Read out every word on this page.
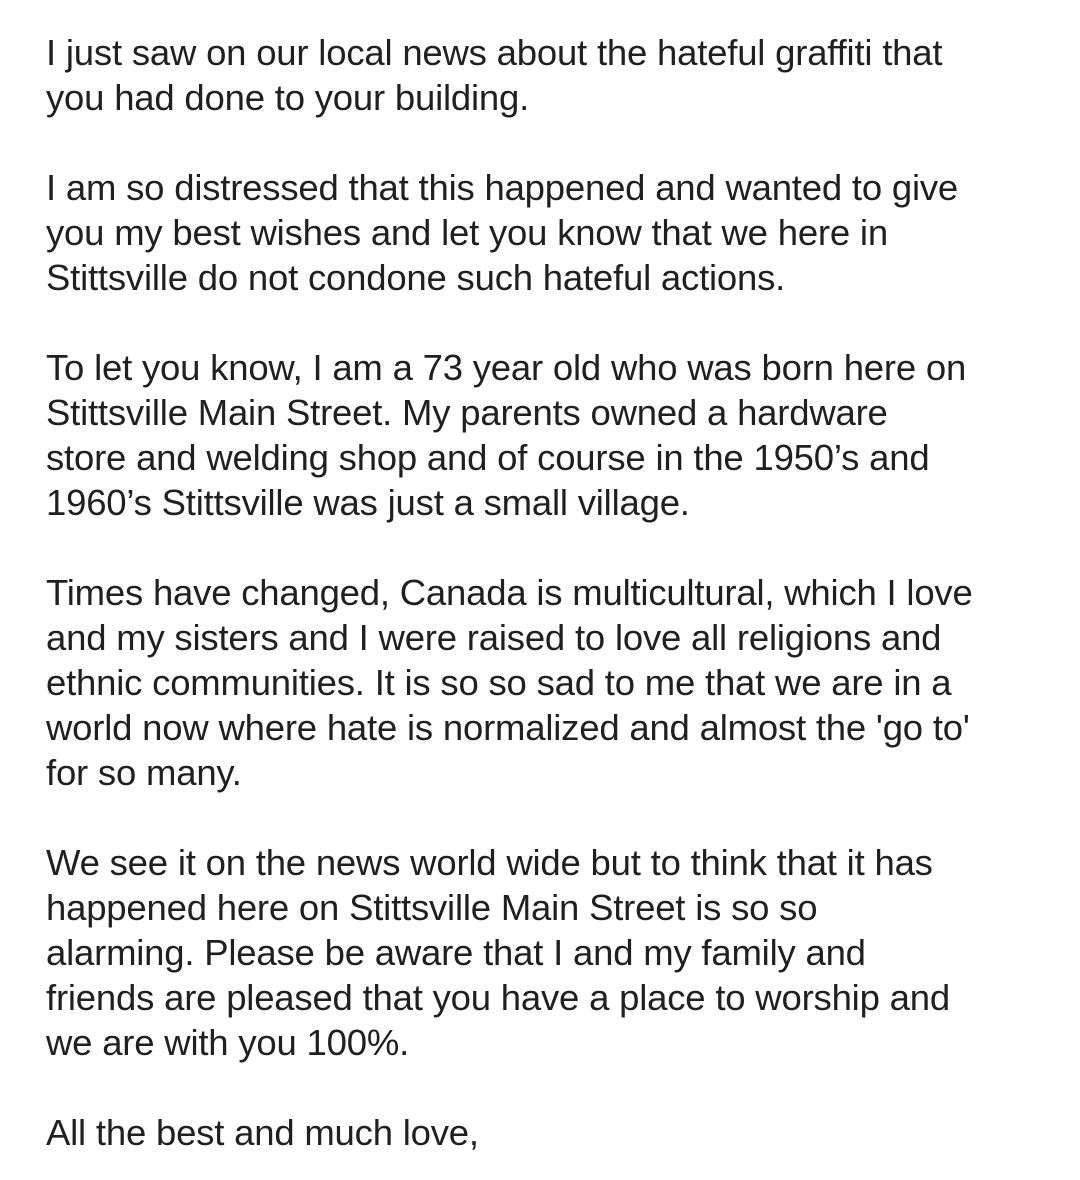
I just saw on our local news about the hateful graffiti that
you had done to your building.

I am so distressed that this happened and wanted to give
you my best wishes and let you know that we here in
Stittsville do not condone such hateful actions.

To let you know, I am a 73 year old who was born here on
Stittsville Main Street. My parents owned a hardware
store and welding shop and of course in the 1950’s and
1960’s Stittsville was just a small village.

Times have changed, Canada is multicultural, which I love
and my sisters and I were raised to love all religions and
ethnic communities. It is so so sad to me that we are in a
world now where hate is normalized and almost the 'go to'
for so many.

We see it on the news world wide but to think that it has
happened here on Stittsville Main Street is so so
alarming. Please be aware that I and my family and
friends are pleased that you have a place to worship and
we are with you 100%.

All the best and much love,
